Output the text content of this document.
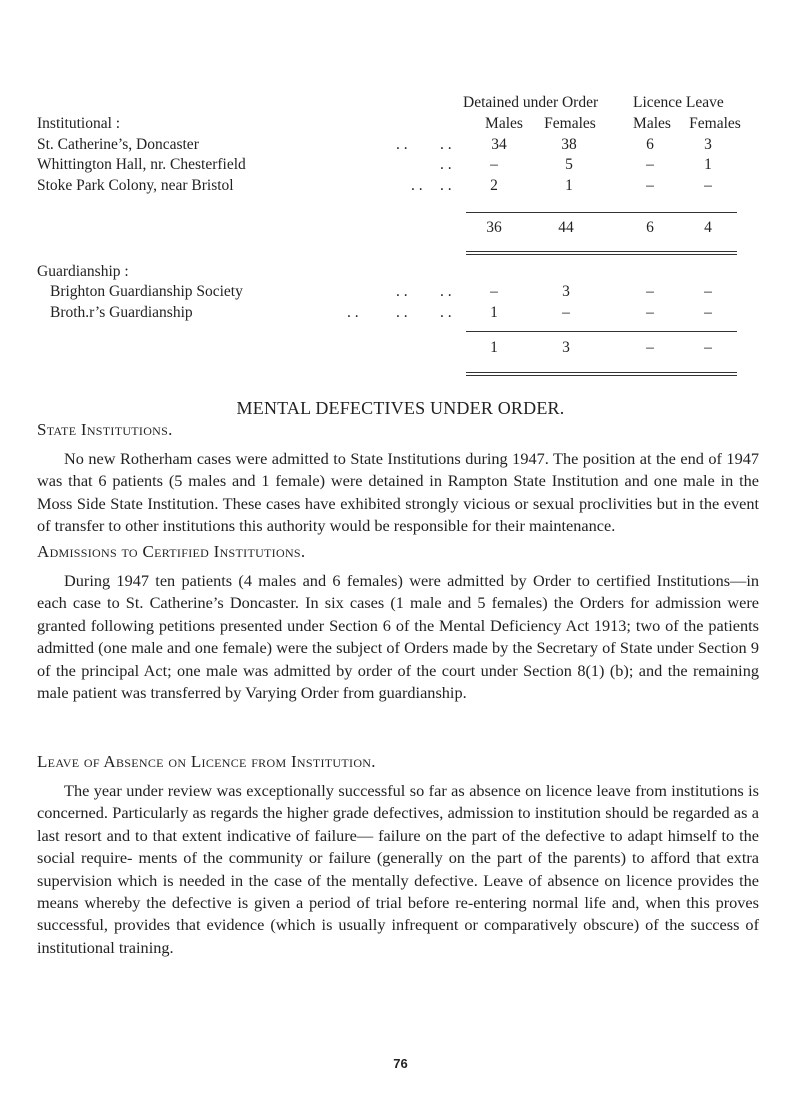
Detained under Order Licence Leave
Institutional :	Males	Females	Males	Females
St. Catherine’s, Doncaster	. . . .	34	38	6	3
Whittington Hall, nr. Chesterfield	. .	–	5	–	1
Stoke Park Colony, near Bristol	. . . .	2	1	–	–
36	44	6	4
Guardianship :
Brighton Guardianship Society	. . . .	–	3	–	–
Broth.r’s Guardianship	. . . . . .	1	–	–	–
1	3	–	–
MENTAL DEFECTIVES UNDER ORDER.
State Institutions.
No new Rotherham cases were admitted to State Institutions during 1947. The position at the end of 1947 was that 6 patients (5 males and 1 female) were detained in Rampton State Institution and one male in the Moss Side State Institution. These cases have exhibited strongly vicious or sexual proclivities but in the event of transfer to other institutions this authority would be responsible for their maintenance.
Admissions to Certified Institutions.
During 1947 ten patients (4 males and 6 females) were admitted by Order to certified Institutions—in each case to St. Catherine’s Doncaster. In six cases (1 male and 5 females) the Orders for admission were granted following petitions presented under Section 6 of the Mental Deficiency Act 1913; two of the patients admitted (one male and one female) were the subject of Orders made by the Secretary of State under Section 9 of the principal Act; one male was admitted by order of the court under Section 8(1) (b); and the remaining male patient was transferred by Varying Order from guardianship.
Leave of Absence on Licence from Institution.
The year under review was exceptionally successful so far as absence on licence leave from institutions is concerned. Particularly as regards the higher grade defectives, admission to institution should be regarded as a last resort and to that extent indicative of failure— failure on the part of the defective to adapt himself to the social require- ments of the community or failure (generally on the part of the parents) to afford that extra supervision which is needed in the case of the mentally defective. Leave of absence on licence provides the means whereby the defective is given a period of trial before re-entering normal life and, when this proves successful, provides that evidence (which is usually infrequent or comparatively obscure) of the success of institutional training.
76
